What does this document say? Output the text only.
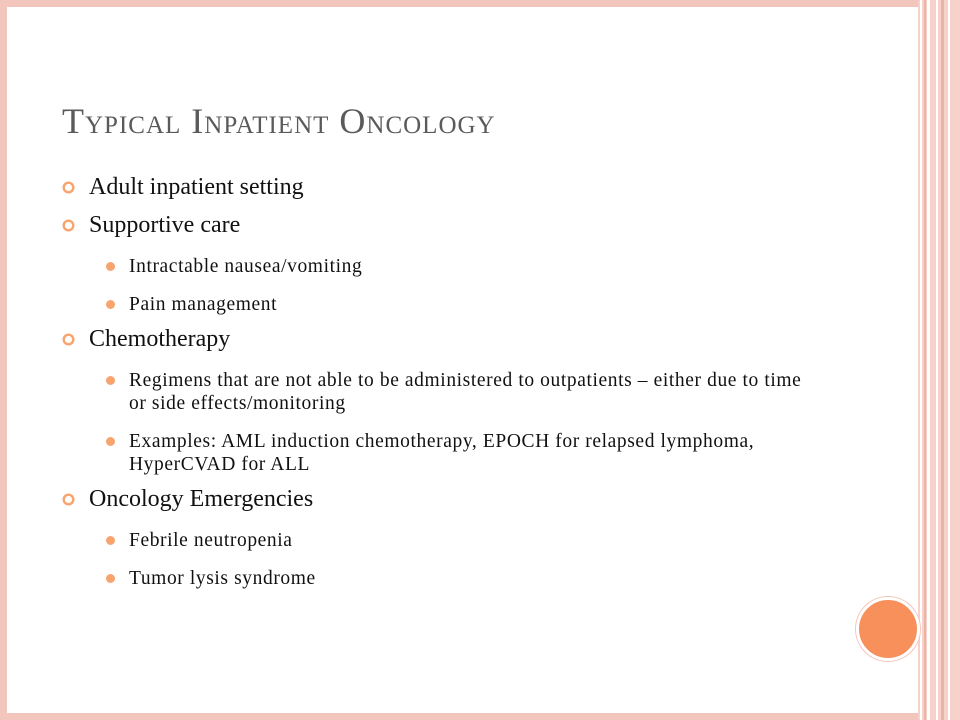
Typical Inpatient Oncology
Adult inpatient setting
Supportive care
Intractable nausea/vomiting
Pain management
Chemotherapy
Regimens that are not able to be administered to outpatients – either due to time or side effects/monitoring
Examples: AML induction chemotherapy, EPOCH for relapsed lymphoma, HyperCVAD for ALL
Oncology Emergencies
Febrile neutropenia
Tumor lysis syndrome
